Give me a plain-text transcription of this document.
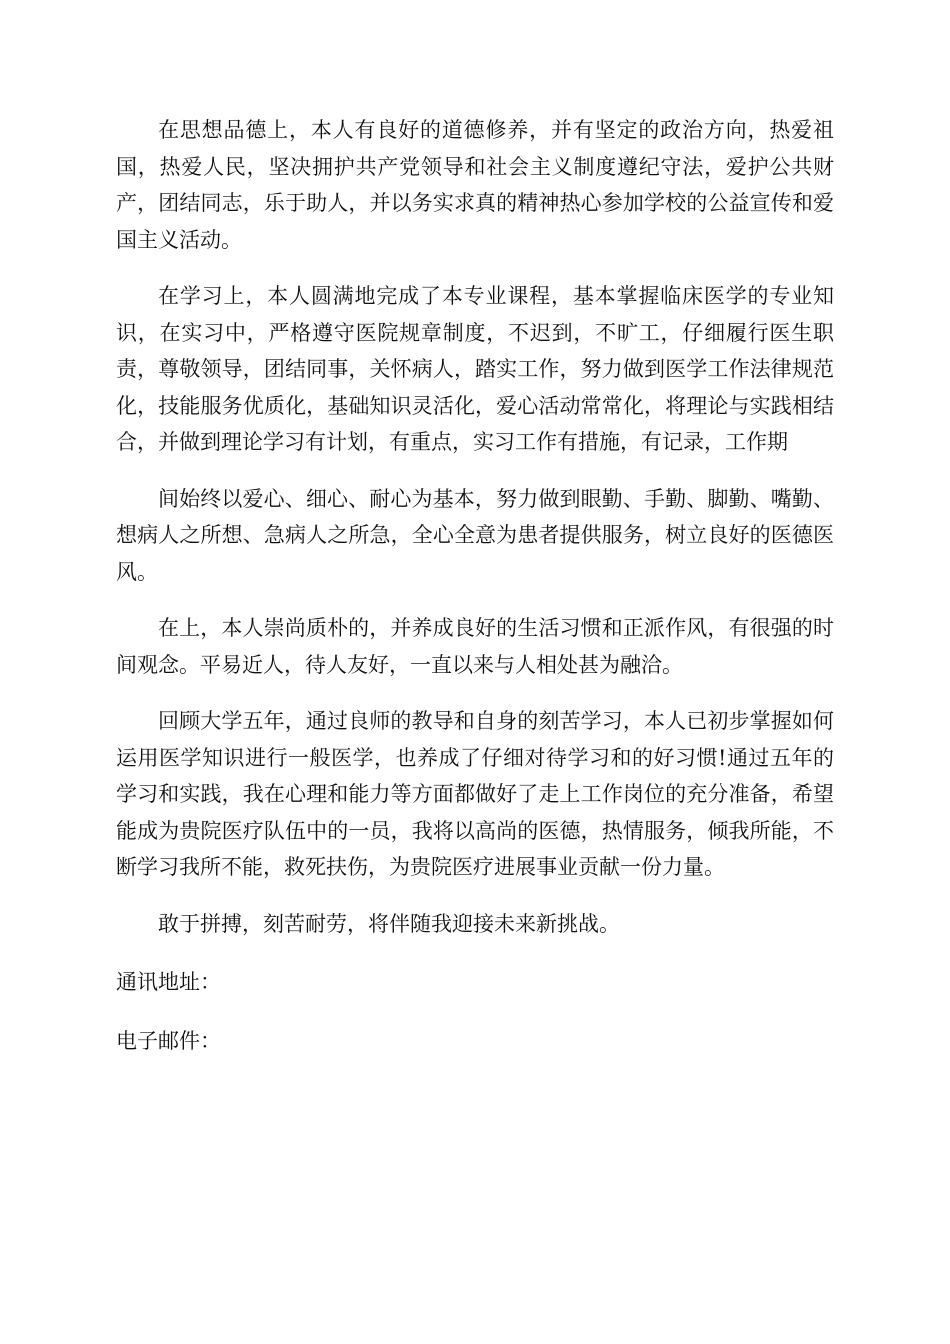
在思想品德上，本人有良好的道德修养，并有坚定的政治方向，热爱祖国，热爱人民，坚决拥护共产党领导和社会主义制度遵纪守法，爱护公共财产，团结同志，乐于助人，并以务实求真的精神热心参加学校的公益宣传和爱国主义活动。

在学习上，本人圆满地完成了本专业课程，基本掌握临床医学的专业知识，在实习中，严格遵守医院规章制度，不迟到，不旷工，仔细履行医生职责，尊敬领导，团结同事，关怀病人，踏实工作，努力做到医学工作法律规范化，技能服务优质化，基础知识灵活化，爱心活动常常化，将理论与实践相结合，并做到理论学习有计划，有重点，实习工作有措施，有记录，工作期

间始终以爱心、细心、耐心为基本，努力做到眼勤、手勤、脚勤、嘴勤、想病人之所想、急病人之所急，全心全意为患者提供服务，树立良好的医德医风。

在上，本人崇尚质朴的，并养成良好的生活习惯和正派作风，有很强的时间观念。平易近人，待人友好，一直以来与人相处甚为融洽。

回顾大学五年，通过良师的教导和自身的刻苦学习，本人已初步掌握如何运用医学知识进行一般医学，也养成了仔细对待学习和的好习惯!通过五年的学习和实践，我在心理和能力等方面都做好了走上工作岗位的充分准备，希望能成为贵院医疗队伍中的一员，我将以高尚的医德，热情服务，倾我所能，不断学习我所不能，救死扶伤，为贵院医疗进展事业贡献一份力量。

敢于拼搏，刻苦耐劳，将伴随我迎接未来新挑战。

通讯地址：

电子邮件：
